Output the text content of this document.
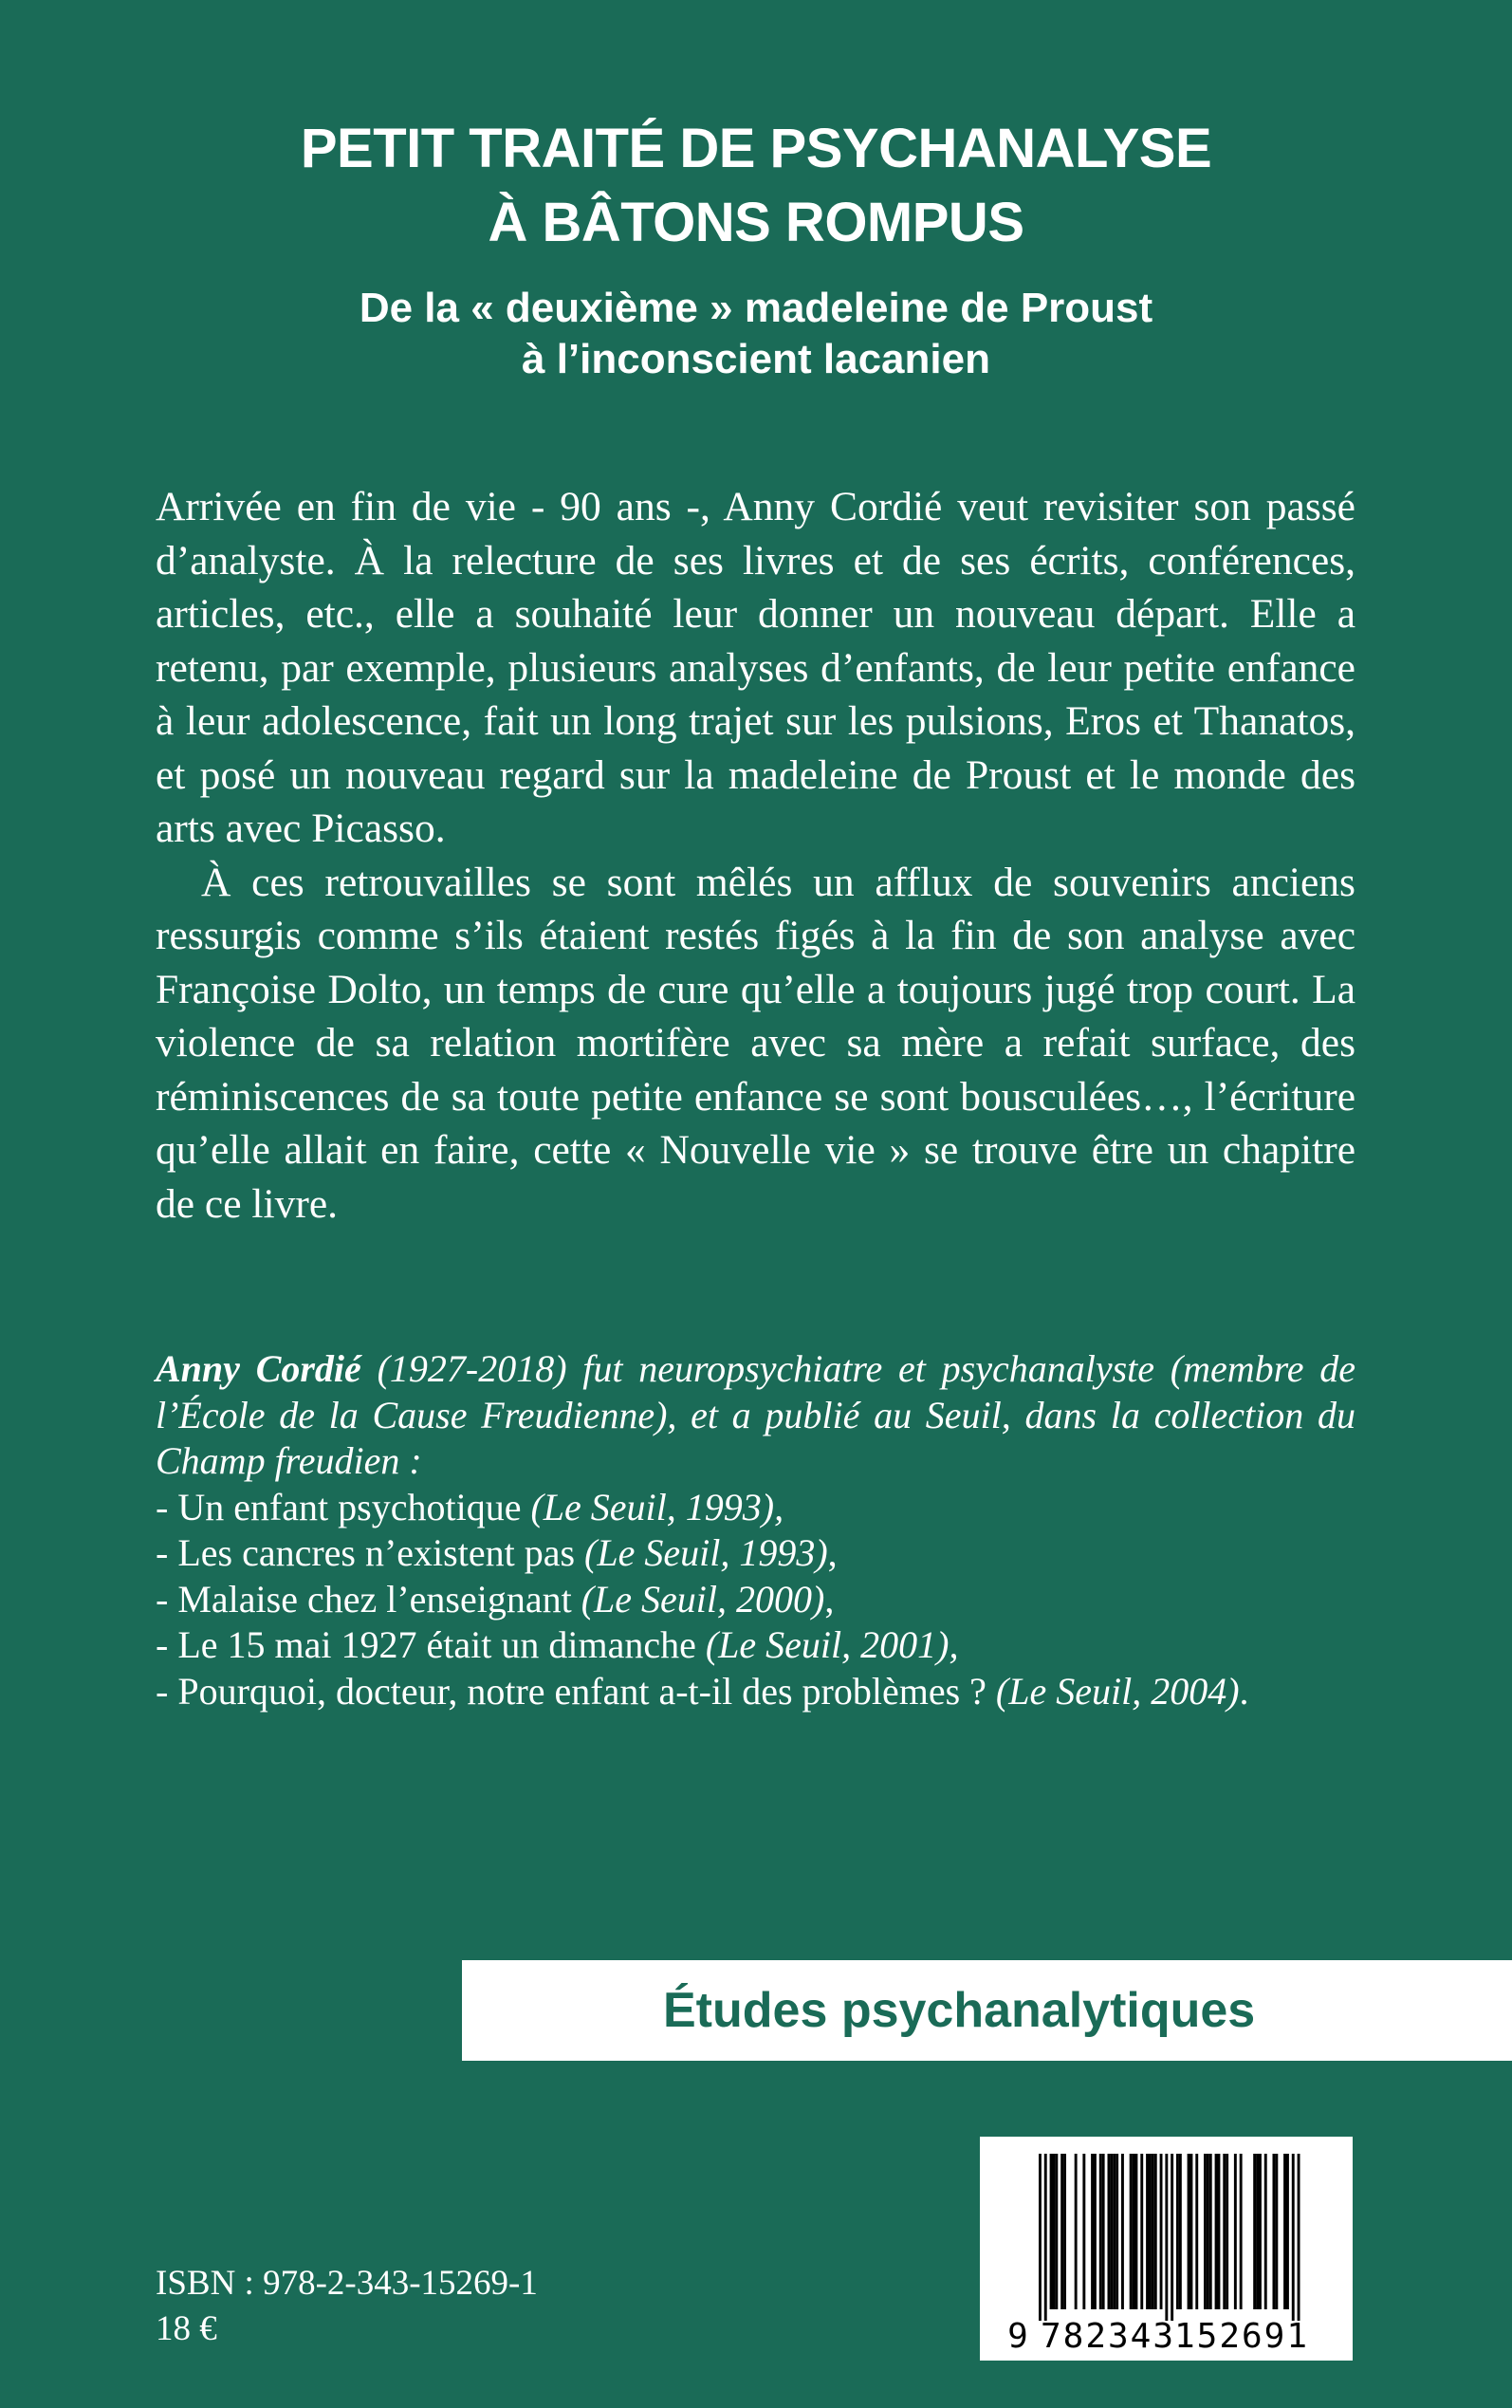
PETIT TRAITÉ DE PSYCHANALYSE
À BÂTONS ROMPUS
De la « deuxième » madeleine de Proust
à l’inconscient lacanien

Arrivée en fin de vie - 90 ans -, Anny Cordié veut revisiter son passé d’analyste. À la relecture de ses livres et de ses écrits, conférences, articles, etc., elle a souhaité leur donner un nouveau départ. Elle a retenu, par exemple, plusieurs analyses d’enfants, de leur petite enfance à leur adolescence, fait un long trajet sur les pulsions, Eros et Thanatos, et posé un nouveau regard sur la madeleine de Proust et le monde des arts avec Picasso.

À ces retrouvailles se sont mêlés un afflux de souvenirs anciens ressurgis comme s’ils étaient restés figés à la fin de son analyse avec Françoise Dolto, un temps de cure qu’elle a toujours jugé trop court. La violence de sa relation mortifère avec sa mère a refait surface, des réminiscences de sa toute petite enfance se sont bousculées…, l’écriture qu’elle allait en faire, cette « Nouvelle vie » se trouve être un chapitre de ce livre.

Anny Cordié (1927-2018) fut neuropsychiatre et psychanalyste (membre de l’École de la Cause Freudienne), et a publié au Seuil, dans la collection du Champ freudien :

- Un enfant psychotique (Le Seuil, 1993),
- Les cancres n’existent pas (Le Seuil, 1993),
- Malaise chez l’enseignant (Le Seuil, 2000),
- Le 15 mai 1927 était un dimanche (Le Seuil, 2001),
- Pourquoi, docteur, notre enfant a-t-il des problèmes ? (Le Seuil, 2004).
Études psychanalytiques
ISBN : 978-2-343-15269-1
18 €	9 782343 152691
